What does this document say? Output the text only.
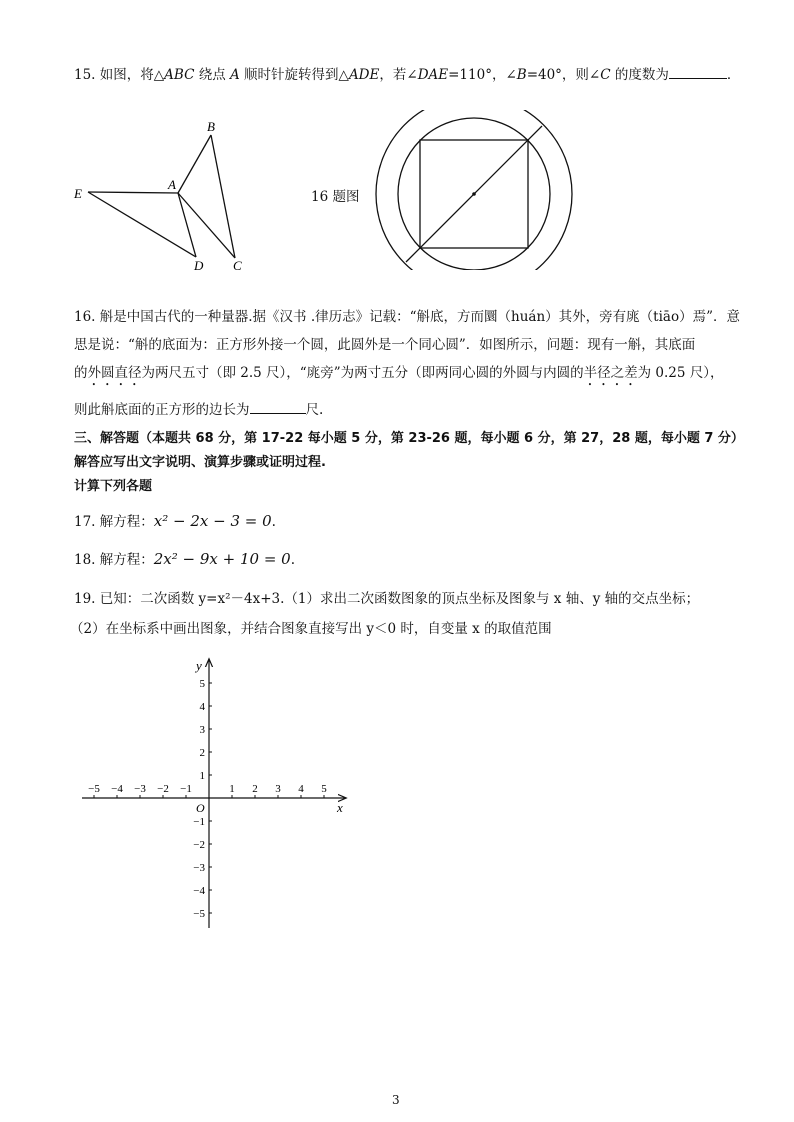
15. 如图，将△ABC 绕点 A 顺时针旋转得到△ADE，若∠DAE=110°，∠B=40°，则∠C 的度数为	．
B
A
E
D C
16 题图
16. 斛是中国古代的一种量器.据《汉书 .律历志》记载：“斛底，方而圜（huán）其外，旁有庣（tiāo）焉”．意
思是说：“斛的底面为：正方形外接一个圆，此圆外是一个同心圆”．如图所示，问题：现有一斛，其底面
的外圆直径为两尺五寸（即 2.5 尺），“庣旁”为两寸五分（即两同心圆的外圆与内圆的半径之差为 0.25 尺），
则此斛底面的正方形的边长为	尺.
三、解答题（本题共 68 分，第 17-22 每小题 5 分，第 23-26 题，每小题 6 分，第 27，28 题，每小题 7 分）
解答应写出文字说明、演算步骤或证明过程.
计算下列各题
17. 解方程：x² − 2x − 3 = 0.
18. 解方程：2x² − 9x + 10 = 0.
19. 已知：二次函数 y=x²－4x+3.（1）求出二次函数图象的顶点坐标及图象与 x 轴、y 轴的交点坐标；
（2）在坐标系中画出图象，并结合图象直接写出 y＜0 时，自变量 x 的取值范围
x
y
O
−5 −4 −3 −2 −1	1 2 3 4 5
5
4
3
2
1
−1
−2
−3
−4
−5
3
